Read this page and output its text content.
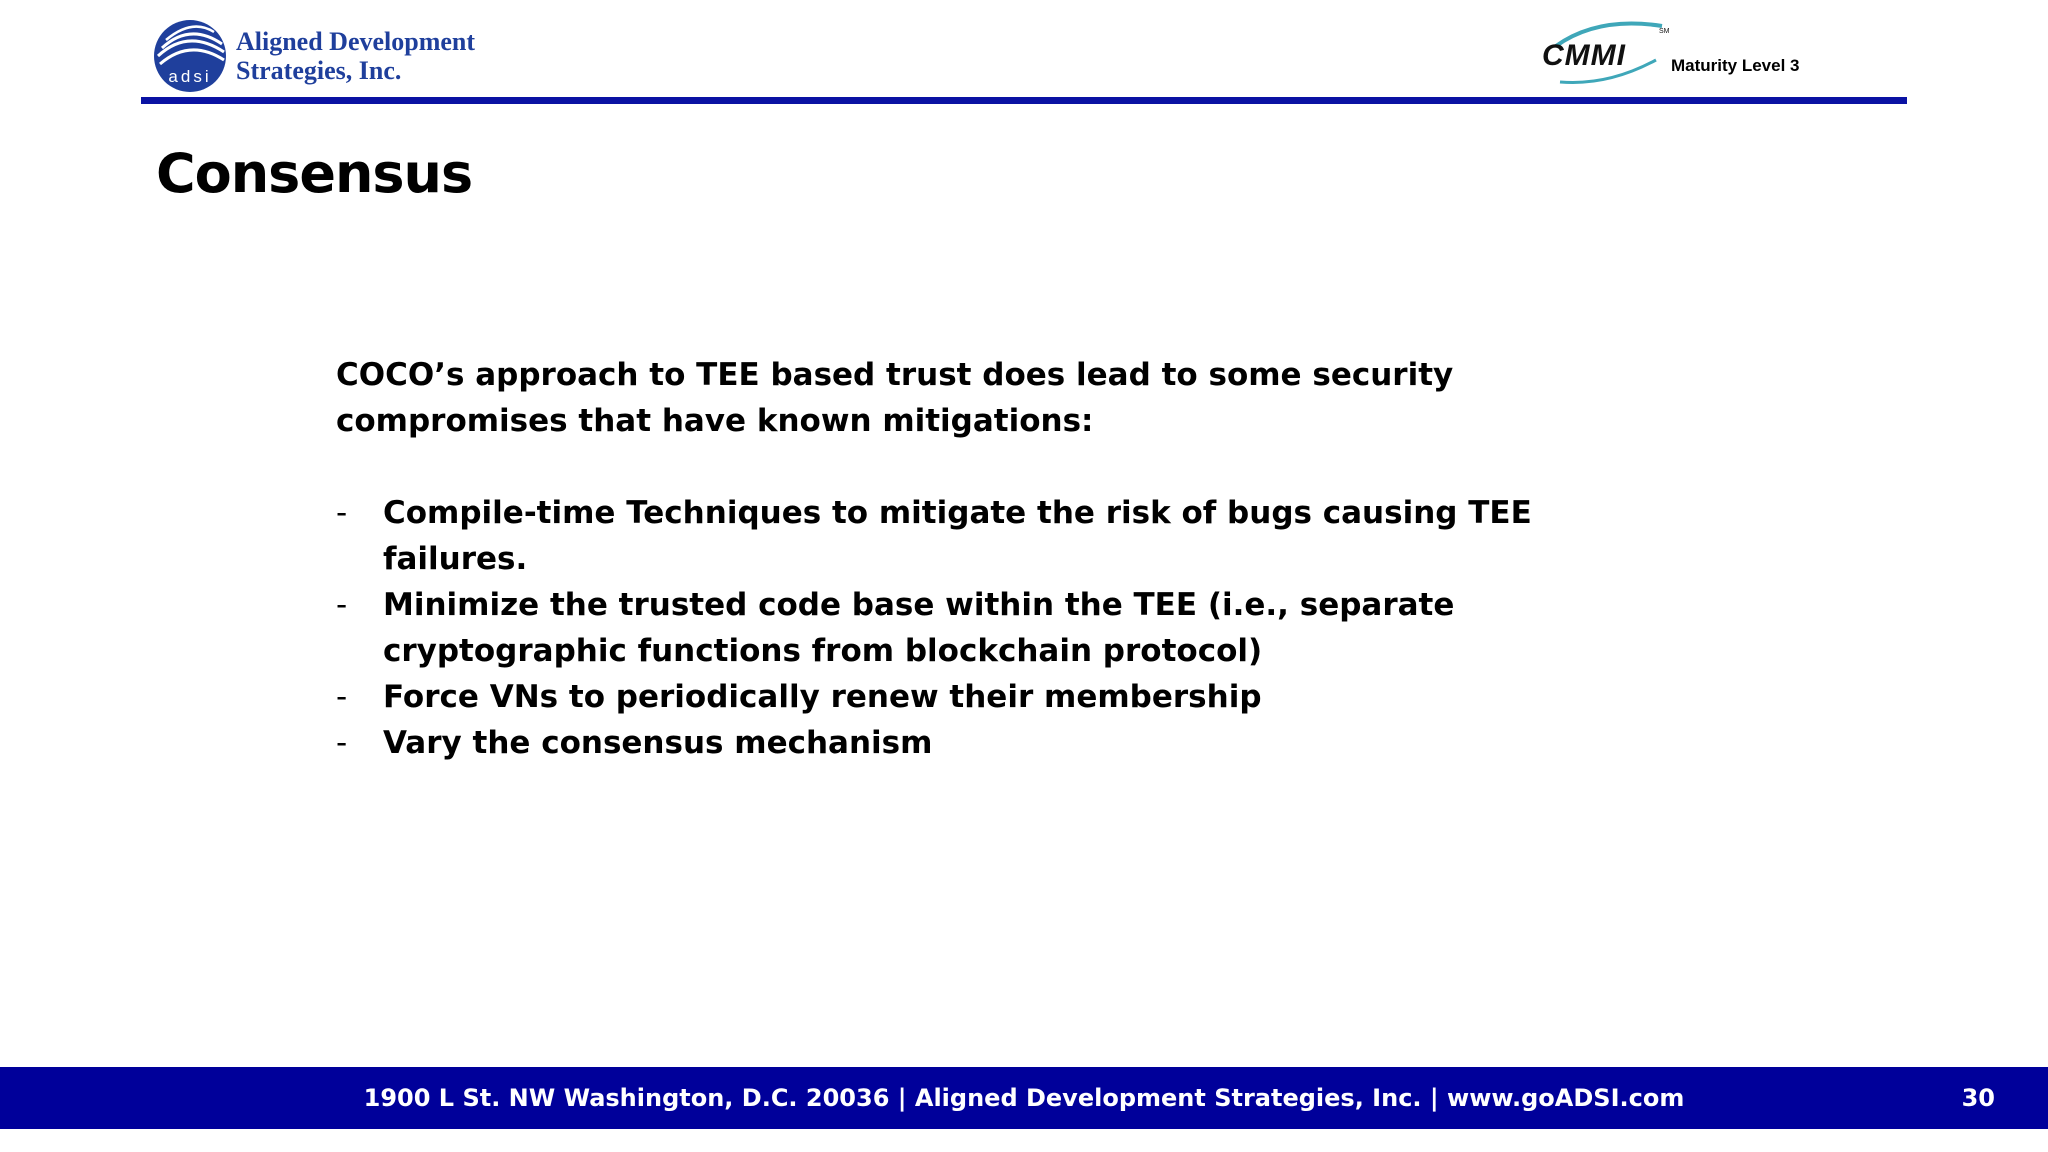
adsi
Aligned Development
Strategies, Inc.	CMMI
SM
Maturity Level 3
Consensus

COCO’s approach to TEE based trust does lead to some security compromises that have known mitigations:

- Compile-time Techniques to mitigate the risk of bugs causing TEE failures.
- Minimize the trusted code base within the TEE (i.e., separate cryptographic functions from blockchain protocol)
- Force VNs to periodically renew their membership
- Vary the consensus mechanism
1900 L St. NW Washington, D.C. 20036 | Aligned Development Strategies, Inc. | www.goADSI.com	30
